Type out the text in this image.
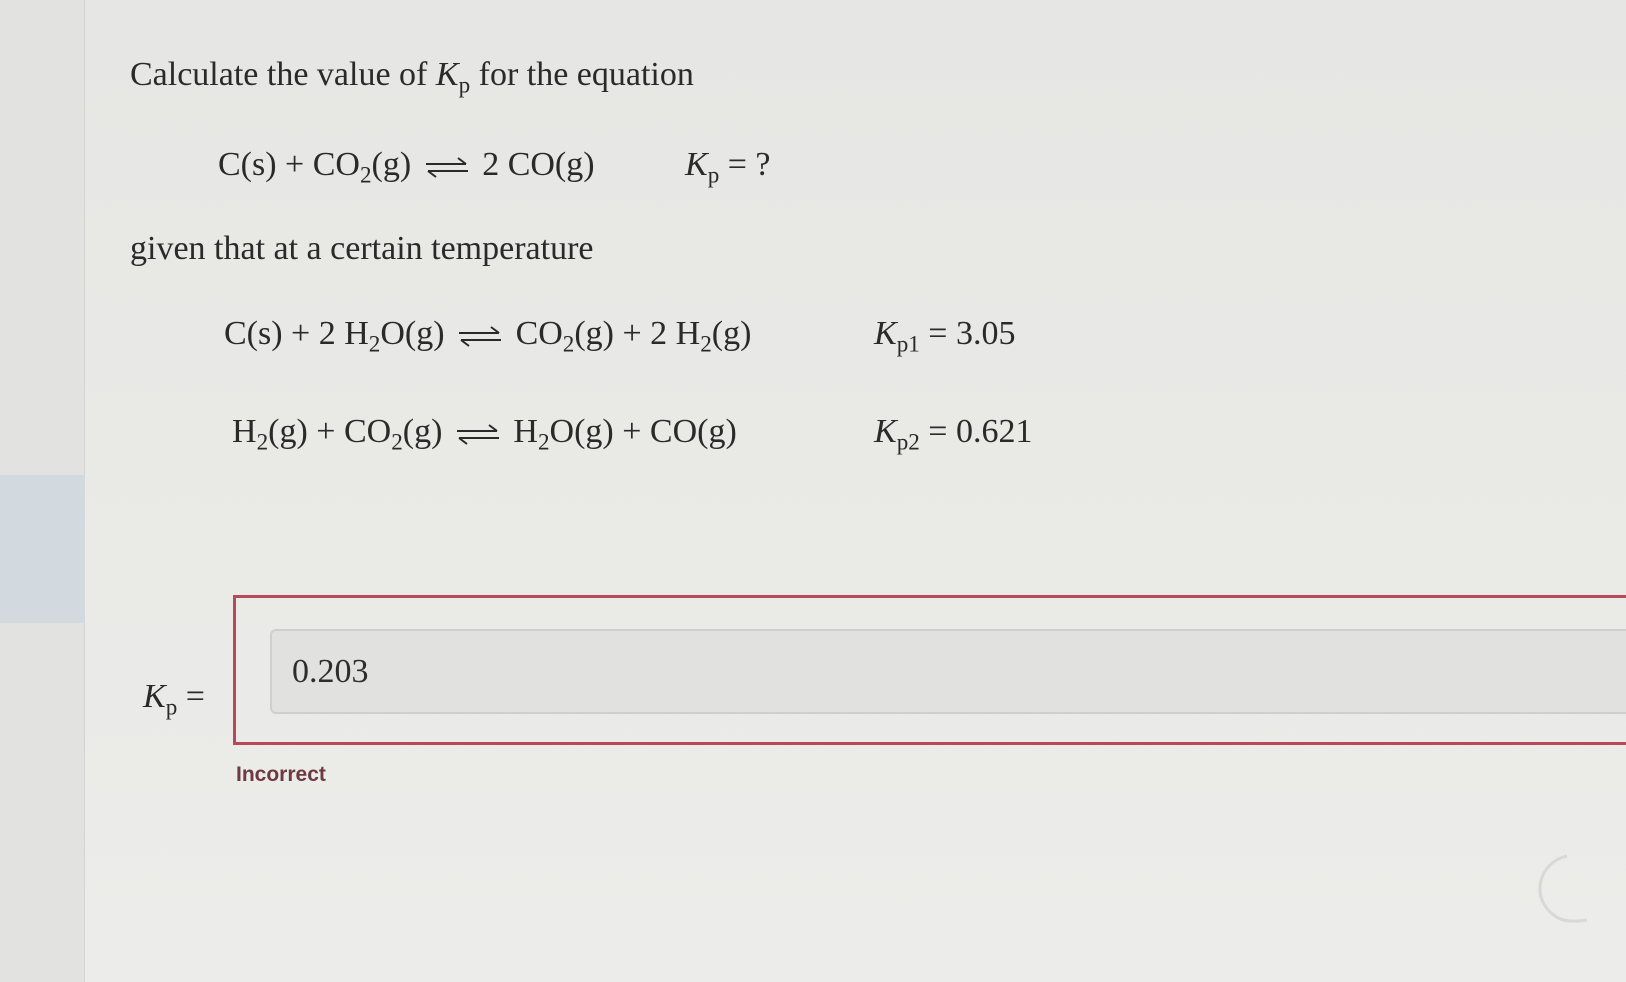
Calculate the value of $K_p$ for the equation
$C(s) + CO_2(g)$ ⇌ 2 CO(g)	$K_p$ = ?
given that at a certain temperature
C(s) + 2 $H_2O(g)$ ⇌ $CO_2(g) + 2$ $H_2(g)$	$K_{p1} = 3.05$
$H_2(g) + CO_2(g)$ ⇌ $H_2O(g) + CO(g)$	$K_{p2} = 0.621$
$K_p$ =
0.203
Incorrect
